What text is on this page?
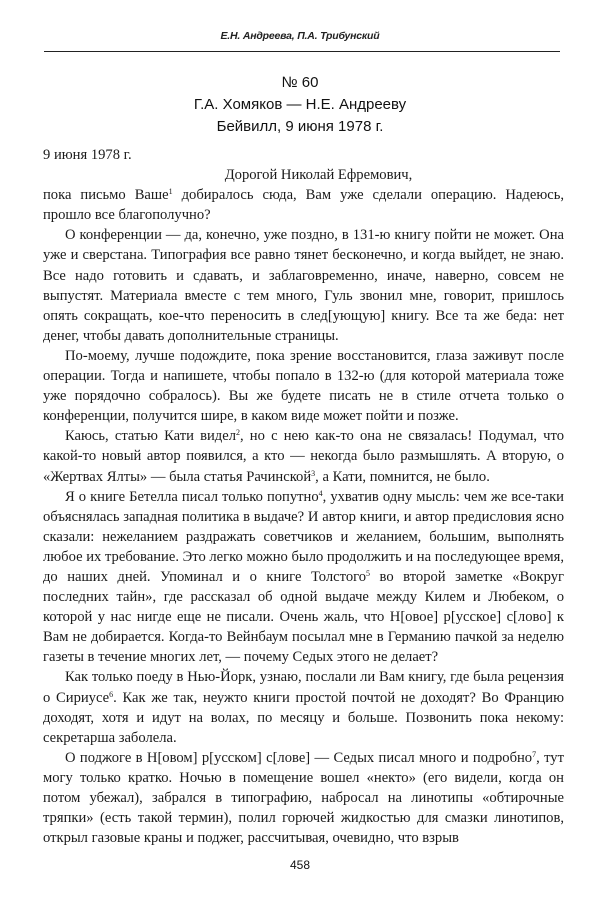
Е.Н. Андреева, П.А. Трибунский
№ 60
Г.А. Хомяков — Н.Е. Андрееву
Бейвилл, 9 июня 1978 г.

9 июня 1978 г.

Дорогой Николай Ефремович,

пока письмо Ваше$^1$ добиралось сюда, Вам уже сделали операцию. Надеюсь, прошло все благополучно?

О конференции — да, конечно, уже поздно, в 131-ю книгу пойти не может. Она уже и сверстана. Типография все равно тянет бесконечно, и когда выйдет, не знаю. Все надо готовить и сдавать, и заблаговременно, иначе, наверно, совсем не выпустят. Материала вместе с тем много, Гуль звонил мне, говорит, пришлось опять сокращать, кое-что переносить в след[ующую] книгу. Все та же беда: нет денег, чтобы давать дополнительные страницы.

По-моему, лучше подождите, пока зрение восстановится, глаза заживут после операции. Тогда и напишете, чтобы попало в 132-ю (для которой материала тоже уже порядочно собралось). Вы же будете писать не в стиле отчета только о конференции, получится шире, в каком виде может пойти и позже.

Каюсь, статью Кати видел$^2$, но с нею как-то она не связалась! Подумал, что какой-то новый автор появился, а кто — некогда было размышлять. А вторую, о «Жертвах Ялты» — была статья Рачинской$^3$, а Кати, помнится, не было.

Я о книге Бетелла писал только попутно$^4$, ухватив одну мысль: чем же все-таки объяснялась западная политика в выдаче? И автор книги, и автор предисловия ясно сказали: нежеланием раздражать советчиков и желанием, большим, выполнять любое их требование. Это легко можно было продолжить и на последующее время, до наших дней. Упоминал и о книге Толстого$^5$ во второй заметке «Вокруг последних тайн», где рассказал об одной выдаче между Килем и Любеком, о которой у нас нигде еще не писали. Очень жаль, что Н[овое] р[усское] с[лово] к Вам не добирается. Когда-то Вейнбаум посылал мне в Германию пачкой за неделю газеты в течение многих лет, — почему Седых этого не делает?

Как только поеду в Нью-Йорк, узнаю, послали ли Вам книгу, где была рецензия о Сириусе$^6$. Как же так, неужто книги простой почтой не доходят? Во Францию доходят, хотя и идут на волах, по месяцу и больше. Позвонить пока некому: секретарша заболела.

О поджоге в Н[овом] р[усском] с[лове] — Седых писал много и подробно$^7$, тут могу только кратко. Ночью в помещение вошел «некто» (его видели, когда он потом убежал), забрался в типографию, набросал на линотипы «обтирочные тряпки» (есть такой термин), полил горючей жидкостью для смазки линотипов, открыл газовые краны и поджег, рассчитывая, очевидно, что взрыв

458
